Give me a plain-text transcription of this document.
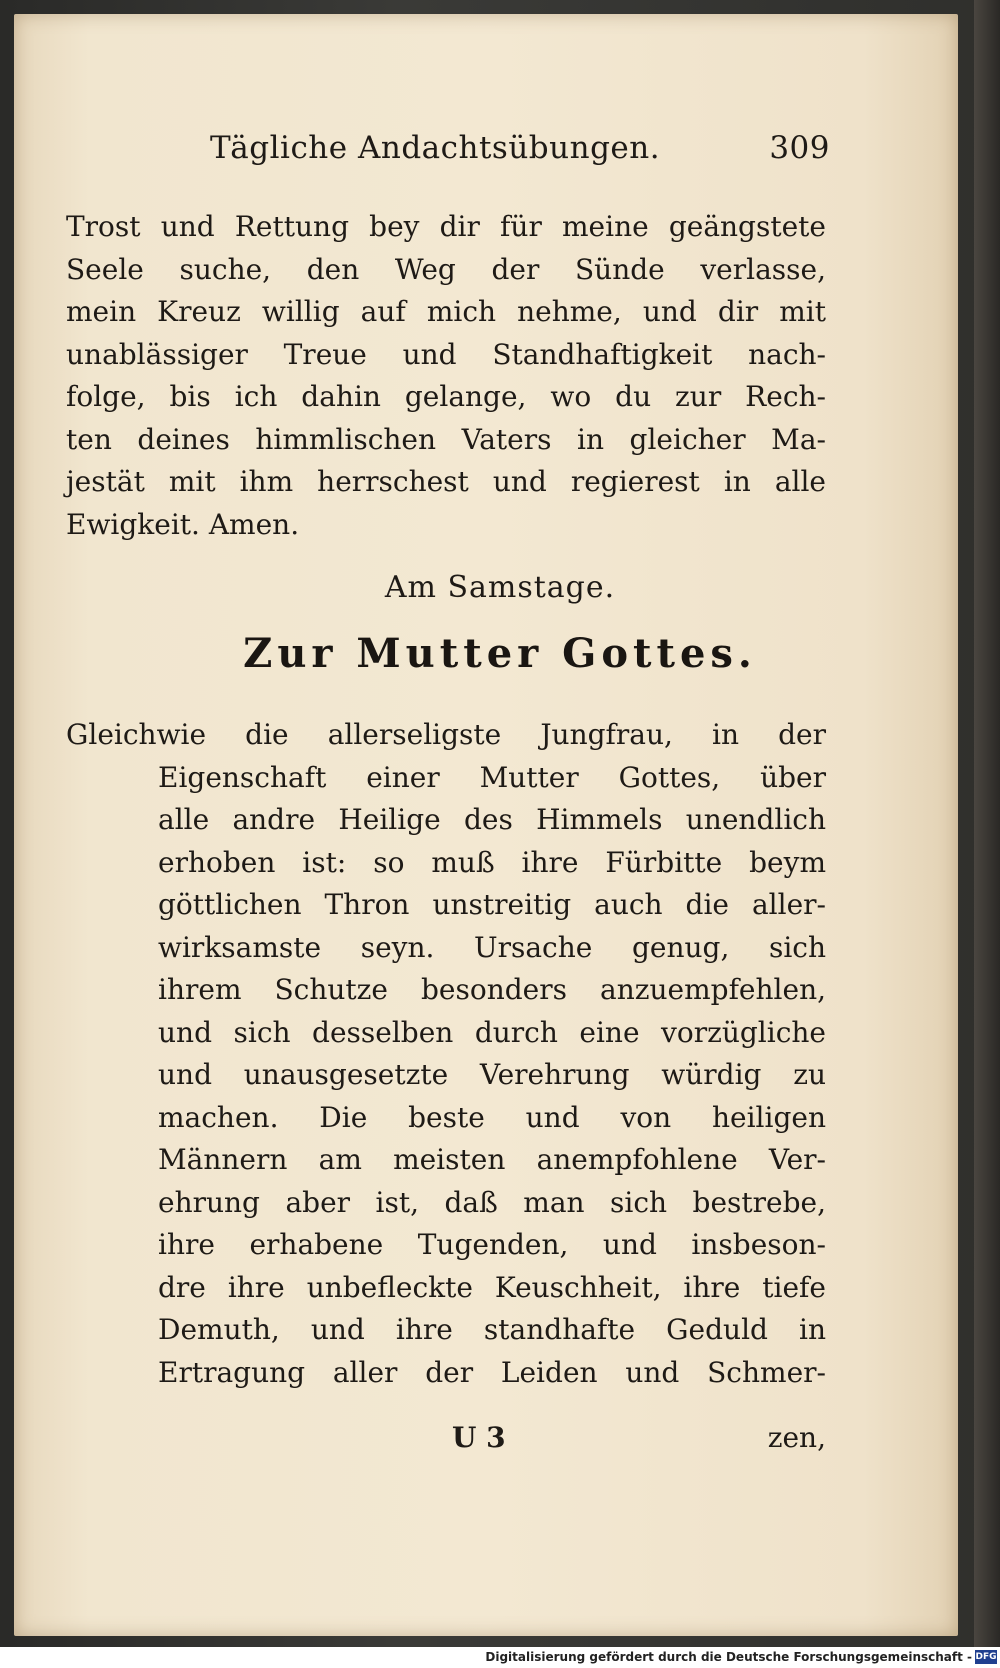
Tägliche Andachtsübungen.	309
Trost und Rettung bey dir für meine geängstete
Seele suche, den Weg der Sünde verlasse,
mein Kreuz willig auf mich nehme, und dir mit
unablässiger Treue und Standhaftigkeit nach-
folge, bis ich dahin gelange, wo du zur Rech-
ten deines himmlischen Vaters in gleicher Ma-
jestät mit ihm herrschest und regierest in alle
Ewigkeit. Amen.
Am Samstage.
Zur Mutter Gottes.
Gleichwie die allerseligste Jungfrau, in der
Eigenschaft einer Mutter Gottes, über
alle andre Heilige des Himmels unendlich
erhoben ist: so muß ihre Fürbitte beym
göttlichen Thron unstreitig auch die aller-
wirksamste seyn. Ursache genug, sich
ihrem Schutze besonders anzuempfehlen,
und sich desselben durch eine vorzügliche
und unausgesetzte Verehrung würdig zu
machen. Die beste und von heiligen
Männern am meisten anempfohlene Ver-
ehrung aber ist, daß man sich bestrebe,
ihre erhabene Tugenden, und insbeson-
dre ihre unbefleckte Keuschheit, ihre tiefe
Demuth, und ihre standhafte Geduld in
Ertragung aller der Leiden und Schmer-
U 3	zen,
Digitalisierung gefördert durch die Deutsche Forschungsgemeinschaft - DFG
